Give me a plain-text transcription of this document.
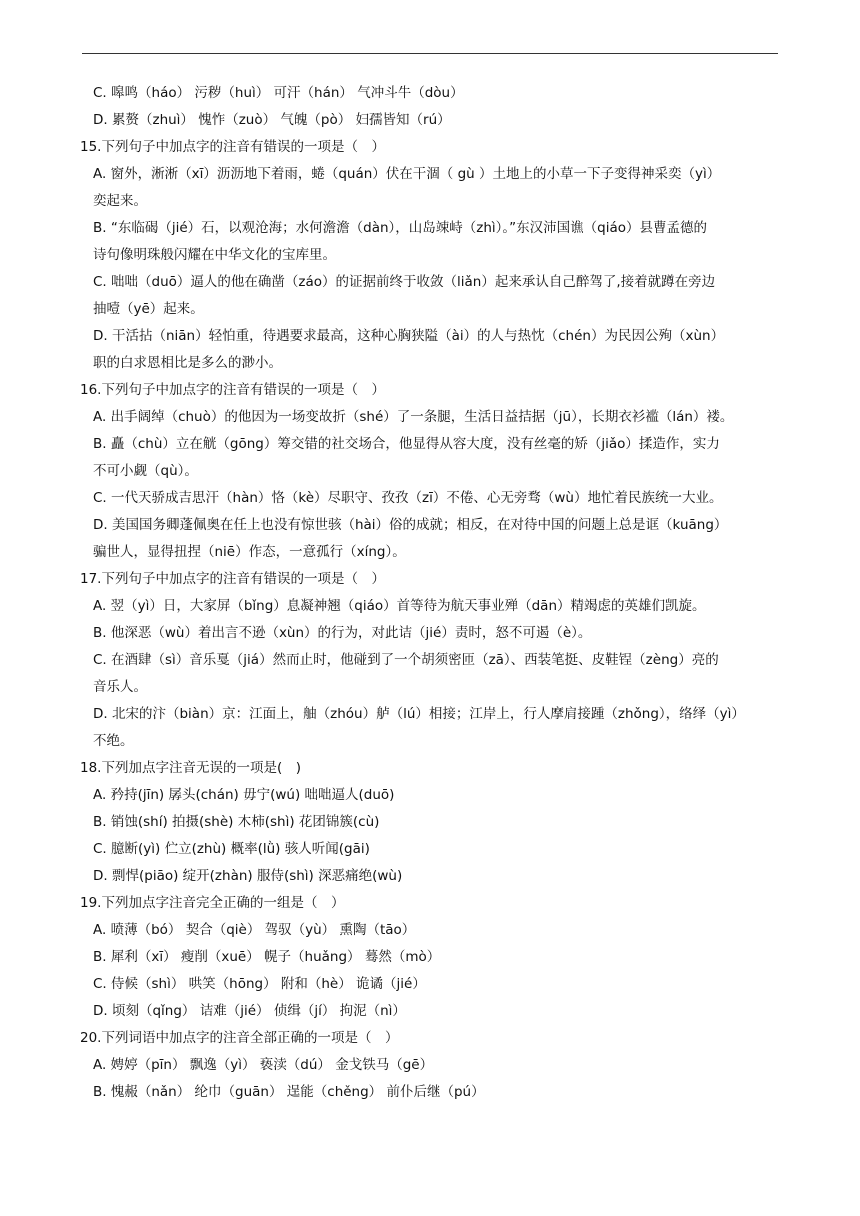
C. 嗥鸣（háo） 污秽（huì） 可汗（hán） 气冲斗牛（dòu）
D. 累赘（zhuì） 愧怍（zuò） 气魄（pò） 妇孺皆知（rú）
15.下列句子中加点字的注音有错误的一项是（　）
A. 窗外，淅淅（xī）沥沥地下着雨，蜷（quán）伏在干涸（ gù ）土地上的小草一下子变得神采奕（yì）
奕起来。
B. “东临碣（jié）石，以观沧海；水何澹澹（dàn），山岛竦峙（zhì）。”东汉沛国谯（qiáo）县曹孟德的
诗句像明珠般闪耀在中华文化的宝库里。
C. 咄咄（duō）逼人的他在确凿（záo）的证据前终于收敛（liǎn）起来承认自己醉驾了,接着就蹲在旁边
抽噎（yē）起来。
D. 干活拈（niān）轻怕重，待遇要求最高，这种心胸狭隘（ài）的人与热忱（chén）为民因公殉（xùn）
职的白求恩相比是多么的渺小。
16.下列句子中加点字的注音有错误的一项是（　）
A. 出手阔绰（chuò）的他因为一场变故折（shé）了一条腿，生活日益拮据（jū），长期衣衫褴（lán）褛。
B. 矗（chù）立在觥（gōng）筹交错的社交场合，他显得从容大度，没有丝毫的矫（jiǎo）揉造作，实力
不可小觑（qù）。
C. 一代天骄成吉思汗（hàn）恪（kè）尽职守、孜孜（zī）不倦、心无旁骛（wù）地忙着民族统一大业。
D. 美国国务卿蓬佩奥在任上也没有惊世骇（hài）俗的成就；相反，在对待中国的问题上总是诓（kuāng）
骗世人，显得扭捏（niē）作态，一意孤行（xíng）。
17.下列句子中加点字的注音有错误的一项是（　）
A. 翌（yì）日，大家屏（bǐng）息凝神翘（qiáo）首等待为航天事业殚（dān）精竭虑的英雄们凯旋。
B. 他深恶（wù）着出言不逊（xùn）的行为，对此诘（jié）责时，怒不可遏（è）。
C. 在酒肆（sì）音乐戛（jiá）然而止时，他碰到了一个胡须密匝（zā）、西装笔挺、皮鞋锃（zèng）亮的
音乐人。
D. 北宋的汴（biàn）京：江面上，舳（zhóu）舻（lú）相接；江岸上，行人摩肩接踵（zhǒng），络绎（yì）
不绝。
18.下列加点字注音无误的一项是(　)
A. 矜持(jīn) 孱头(chán) 毋宁(wú) 咄咄逼人(duō)
B. 销蚀(shí) 拍摄(shè) 木柿(shì) 花团锦簇(cù)
C. 臆断(yì) 伫立(zhù) 概率(lǜ) 骇人听闻(gāi)
D. 剽悍(piāo) 绽开(zhàn) 服侍(shì) 深恶痛绝(wù)
19.下列加点字注音完全正确的一组是（　）
A. 喷薄（bó） 契合（qiè） 驾驭（yù） 熏陶（tāo）
B. 犀利（xī） 瘦削（xuē） 幌子（huǎng） 蓦然（mò）
C. 侍候（shì） 哄笑（hōng） 附和（hè） 诡谲（jié）
D. 顷刻（qǐng） 诘难（jié） 侦缉（jí） 拘泥（nì）
20.下列词语中加点字的注音全部正确的一项是（　）
A. 娉婷（pīn） 飘逸（yì） 亵渎（dú） 金戈铁马（gē）
B. 愧赧（nǎn） 纶巾（guān） 逞能（chěng） 前仆后继（pú）
